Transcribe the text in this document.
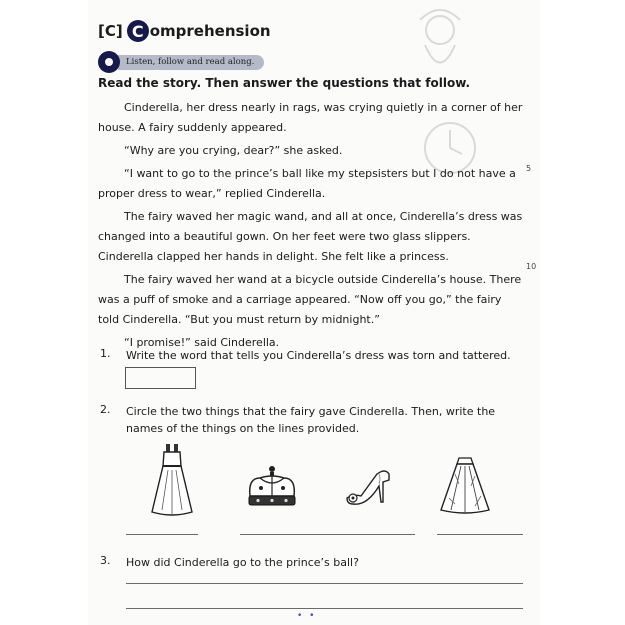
[C] C omprehension
Listen, follow and read along.
Read the story. Then answer the questions that follow.

Cinderella, her dress nearly in rags, was crying quietly in a corner of her house. A fairy suddenly appeared.

“Why are you crying, dear?” she asked.

“I want to go to the prince’s ball like my stepsisters but I do not have a proper dress to wear,” replied Cinderella.

The fairy waved her magic wand, and all at once, Cinderella’s dress was changed into a beautiful gown. On her feet were two glass slippers. Cinderella clapped her hands in delight. She felt like a princess.

The fairy waved her wand at a bicycle outside Cinderella’s house. There was a puff of smoke and a carriage appeared. “Now off you go,” the fairy told Cinderella. “But you must return by midnight.”

“I promise!” said Cinderella.

5
10
1. Write the word that tells you Cinderella’s dress was torn and tattered.
2. Circle the two things that the fairy gave Cinderella. Then, write the names of the things on the lines provided.
3. How did Cinderella go to the prince’s ball?
• •
